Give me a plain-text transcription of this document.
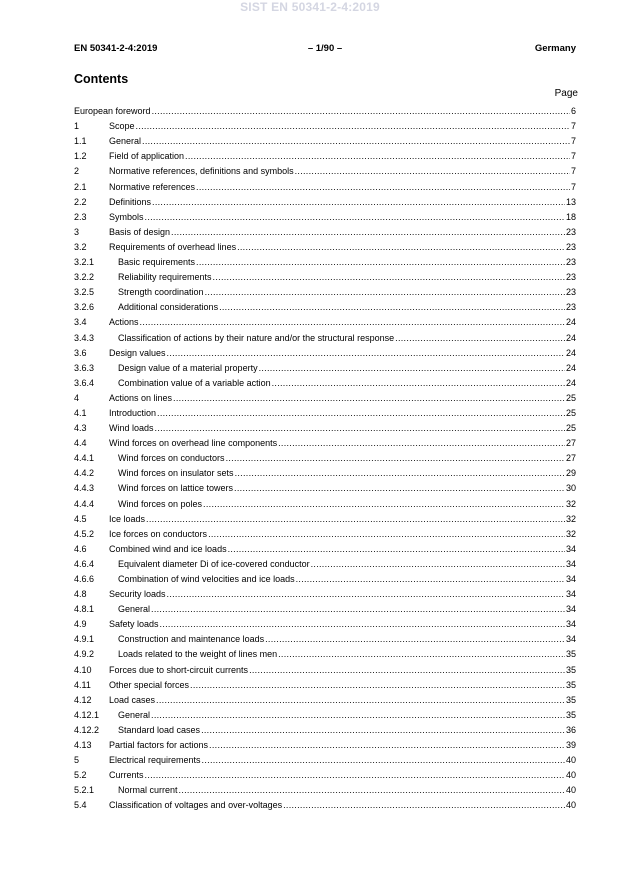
SIST EN 50341-2-4:2019
EN 50341-2-4:2019	– 1/90 –	Germany
Contents
Page
European foreword .....	6
1	Scope .....	7
1.1	General .....	7
1.2	Field of application .....	7
2	Normative references, definitions and symbols .....	7
2.1	Normative references .....	7
2.2	Definitions .....	13
2.3	Symbols .....	18
3	Basis of design .....	23
3.2	Requirements of overhead lines .....	23
3.2.1	Basic requirements .....	23
3.2.2	Reliability requirements .....	23
3.2.5	Strength coordination .....	23
3.2.6	Additional considerations .....	23
3.4	Actions .....	24
3.4.3	Classification of actions by their nature and/or the structural response .....	24
3.6	Design values .....	24
3.6.3	Design value of a material property .....	24
3.6.4	Combination value of a variable action .....	24
4	Actions on lines .....	25
4.1	Introduction .....	25
4.3	Wind loads .....	25
4.4	Wind forces on overhead line components .....	27
4.4.1	Wind forces on conductors .....	27
4.4.2	Wind forces on insulator sets .....	29
4.4.3	Wind forces on lattice towers .....	30
4.4.4	Wind forces on poles .....	32
4.5	Ice loads .....	32
4.5.2	Ice forces on conductors .....	32
4.6	Combined wind and ice loads .....	34
4.6.4	Equivalent diameter Di of ice-covered conductor .....	34
4.6.6	Combination of wind velocities and ice loads .....	34
4.8	Security loads .....	34
4.8.1	General .....	34
4.9	Safety loads .....	34
4.9.1	Construction and maintenance loads .....	34
4.9.2	Loads related to the weight of lines men .....	35
4.10	Forces due to short-circuit currents .....	35
4.11	Other special forces .....	35
4.12	Load cases .....	35
4.12.1	General .....	35
4.12.2	Standard load cases .....	36
4.13	Partial factors for actions .....	39
5	Electrical requirements .....	40
5.2	Currents .....	40
5.2.1	Normal current .....	40
5.4	Classification of voltages and over-voltages .....	40
